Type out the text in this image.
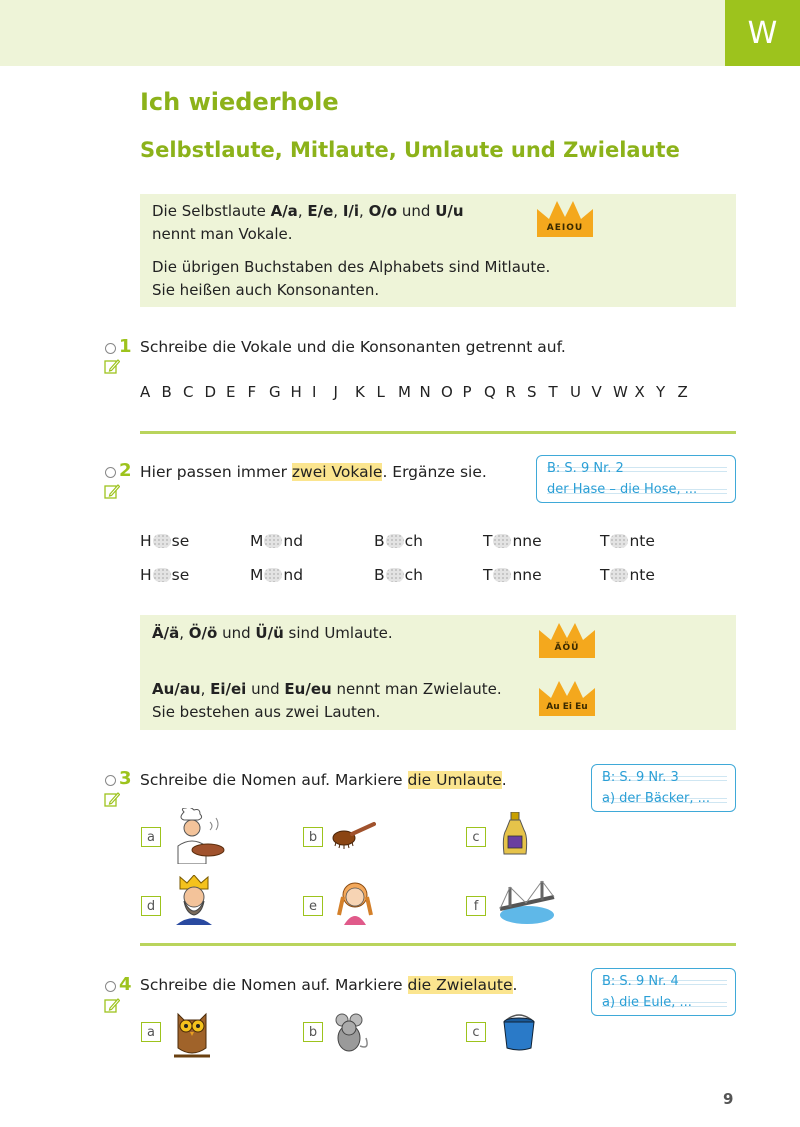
W
Ich wiederhole
Selbstlaute, Mitlaute, Umlaute und Zwielaute

Die Selbstlaute A/a, E/e, I/i, O/o und U/u

nennt man Vokale.

Die übrigen Buchstaben des Alphabets sind Mitlaute.

Sie heißen auch Konsonanten.

AEIOU
1 Schreibe die Vokale und die Konsonanten getrennt auf.
A B C D E F G H I	J	K L M N O P Q R S T U V W X Y Z
2 Hier passen immer zwei Vokale. Ergänze sie.	B: S. 9 Nr. 2
der Hase – die Hose, ...
H se	M nd	B ch	T nne	T nte
H se	M nd	B ch	T nne	T nte

Ä/ä, Ö/ö und Ü/ü sind Umlaute.

Au/au, Ei/ei und Eu/eu nennt man Zwielaute.

Sie bestehen aus zwei Lauten.

ÄÖÜ
Au Ei Eu
3 Schreibe die Nomen auf. Markiere die Umlaute.	B: S. 9 Nr. 3
a) der Bäcker, ...
a	b	c
d	e	f
4 Schreibe die Nomen auf. Markiere die Zwielaute.	B: S. 9 Nr. 4
a) die Eule, ...
a	b	c
9
